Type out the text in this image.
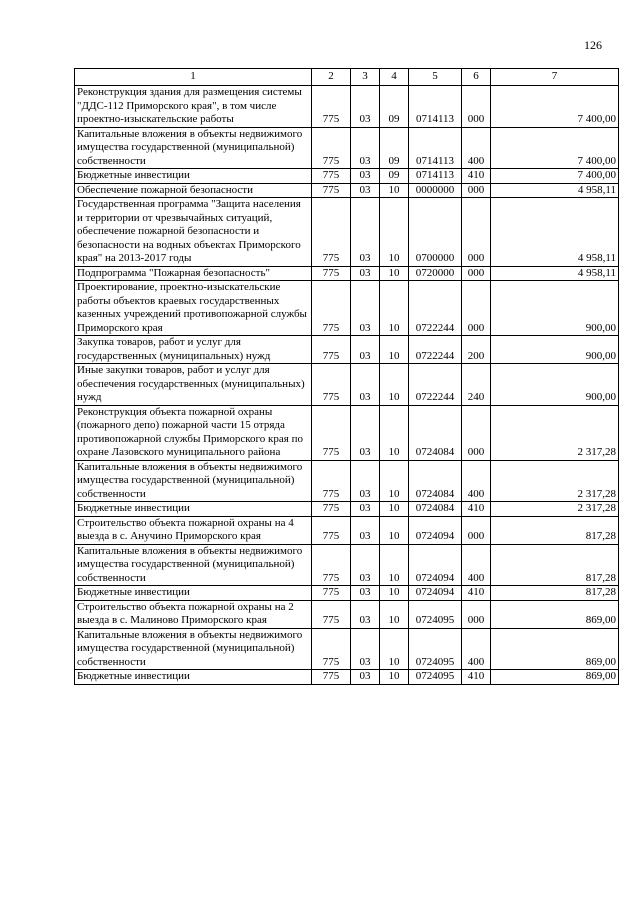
126
1	2	3	4	5	6	7
Реконструкция здания для размещения системы "ДДС-112 Приморского края", в том числе проектно-изыскательские работы	775	03	09	0714113	000	7 400,00
Капитальные вложения в объекты недвижимого имущества государственной (муниципальной) собственности	775	03	09	0714113	400	7 400,00
Бюджетные инвестиции	775	03	09	0714113	410	7 400,00
Обеспечение пожарной безопасности	775	03	10	0000000	000	4 958,11
Государственная программа "Защита населения и территории от чрезвычайных ситуаций, обеспечение пожарной безопасности и безопасности на водных объектах Приморского края" на 2013-2017 годы	775	03	10	0700000	000	4 958,11
Подпрограмма "Пожарная безопасность"	775	03	10	0720000	000	4 958,11
Проектирование, проектно-изыскательские работы объектов краевых государственных казенных учреждений противопожарной службы Приморского края	775	03	10	0722244	000	900,00
Закупка товаров, работ и услуг для государственных (муниципальных) нужд	775	03	10	0722244	200	900,00
Иные закупки товаров, работ и услуг для обеспечения государственных (муниципальных) нужд	775	03	10	0722244	240	900,00
Реконструкция объекта пожарной охраны (пожарного депо) пожарной части 15 отряда противопожарной службы Приморского края по охране Лазовского муниципального района	775	03	10	0724084	000	2 317,28
Капитальные вложения в объекты недвижимого имущества государственной (муниципальной) собственности	775	03	10	0724084	400	2 317,28
Бюджетные инвестиции	775	03	10	0724084	410	2 317,28
Строительство объекта пожарной охраны на 4 выезда в с. Анучино Приморского края	775	03	10	0724094	000	817,28
Капитальные вложения в объекты недвижимого имущества государственной (муниципальной) собственности	775	03	10	0724094	400	817,28
Бюджетные инвестиции	775	03	10	0724094	410	817,28
Строительство объекта пожарной охраны на 2 выезда в с. Малиново Приморского края	775	03	10	0724095	000	869,00
Капитальные вложения в объекты недвижимого имущества государственной (муниципальной) собственности	775	03	10	0724095	400	869,00
Бюджетные инвестиции	775	03	10	0724095	410	869,00
